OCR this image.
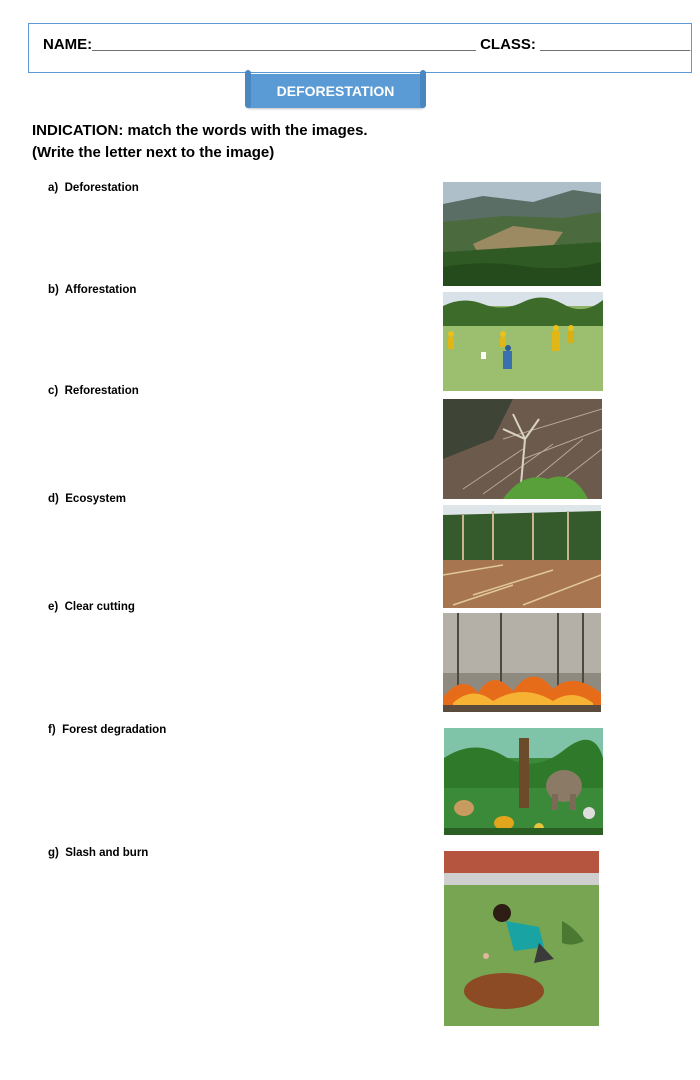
NAME:______________________________________________ CLASS: __________________
DEFORESTATION
INDICATION: match the words with the images.
(Write the letter next to the image)
a) Deforestation
b) Afforestation
c) Reforestation
d) Ecosystem
e) Clear cutting
f) Forest degradation
g) Slash and burn
